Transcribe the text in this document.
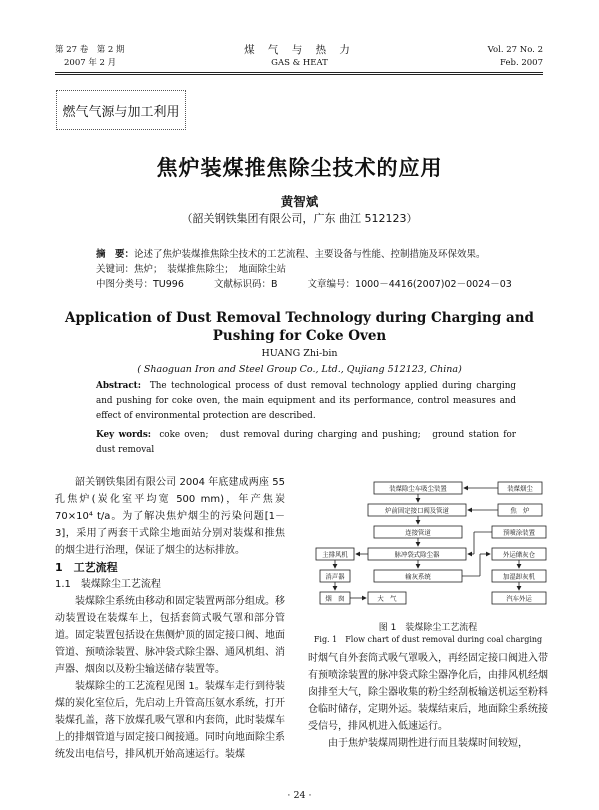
第 27 卷　第 2 期
2007 年 2 月
煤 气 与 热 力
GAS & HEAT
Vol. 27 No. 2
Feb. 2007
燃气气源与加工利用
焦炉装煤推焦除尘技术的应用
黄智斌
（韶关钢铁集团有限公司，广东 曲江 512123）
摘　要：论述了焦炉装煤推焦除尘技术的工艺流程、主要设备与性能、控制措施及环保效果。
关键词：焦炉；　装煤推焦除尘；　地面除尘站
中图分类号：TU996	文献标识码：B	文章编号：1000－4416(2007)02－0024－03
Application of Dust Removal Technology during Charging and
Pushing for Coke Oven
HUANG Zhi-bin
( Shaoguan Iron and Steel Group Co., Ltd., Qujiang 512123, China)
Abstract: The technological process of dust removal technology applied during charging and pushing for coke oven, the main equipment and its performance, control measures and effect of environmental protection are described.
Key words: coke oven;　dust removal during charging and pushing;　ground station for dust removal

韶关钢铁集团有限公司 2004 年底建成两座 55 孔焦炉(炭化室平均宽 500 mm)，年产焦炭 70×10⁴ t/a。为了解决焦炉烟尘的污染问题[1－3]，采用了两套干式除尘地面站分别对装煤和推焦的烟尘进行治理，保证了烟尘的达标排放。

1　工艺流程
1.1　装煤除尘工艺流程

装煤除尘系统由移动和固定装置两部分组成。移动装置设在装煤车上，包括套筒式吸气罩和部分管道。固定装置包括设在焦侧炉顶的固定接口阀、地面管道、预喷涂装置、脉冲袋式除尘器、通风机组、消声器、烟囱以及粉尘输送储存装置等。

装煤除尘的工艺流程见图 1。装煤车走行到待装煤的炭化室位后，先启动上升管高压氨水系统，打开装煤孔盖，落下放煤孔吸气罩和内套筒，此时装煤车上的排烟管道与固定接口阀接通。同时向地面除尘系统发出电信号，排风机开始高速运行。装煤

装煤除尘车吸尘装置	装煤烟尘
炉前固定接口阀及管道	焦　炉
连接管道	预喷涂装置
主排风机	脉冲袋式除尘器	外运储灰仓
消声器	输灰系统	加湿卸灰机
烟　囱	大　气	汽车外运
图 1　装煤除尘工艺流程
Fig. 1　Flow chart of dust removal during coal charging

时烟气自外套筒式吸气罩吸入，再经固定接口阀进入带有预喷涂装置的脉冲袋式除尘器净化后，由排风机经烟囱排至大气，除尘器收集的粉尘经刮板输送机运至粉料仓临时储存，定期外运。装煤结束后，地面除尘系统接受信号，排风机进入低速运行。

由于焦炉装煤周期性进行而且装煤时间较短，

· 24 ·
